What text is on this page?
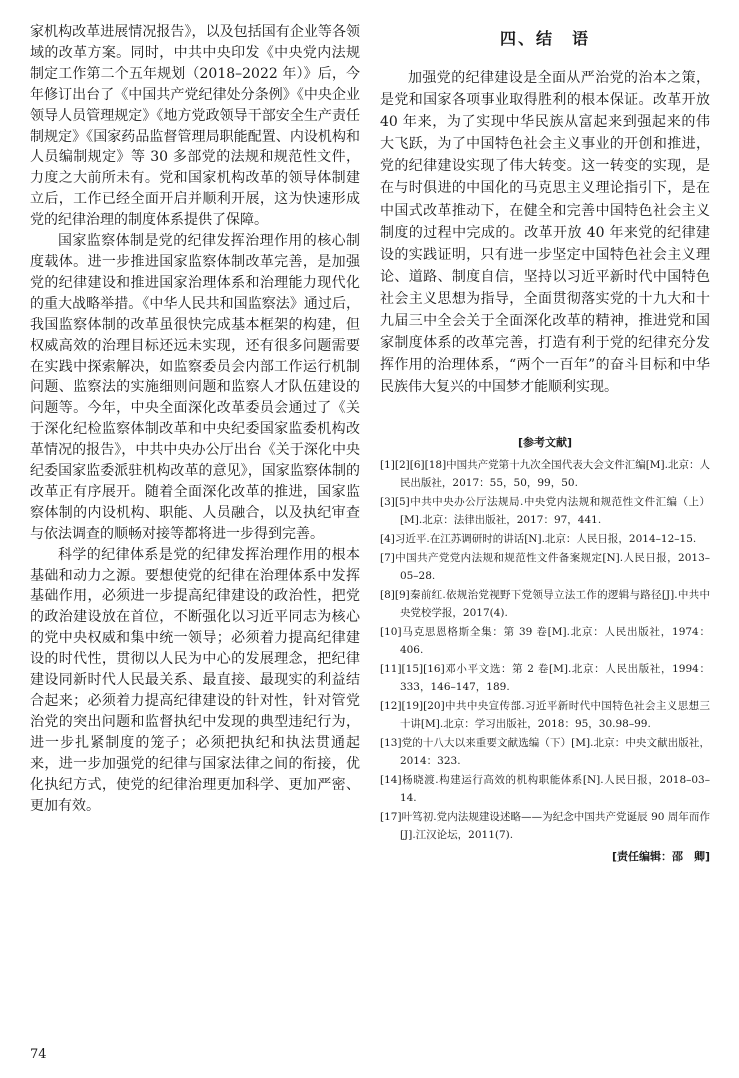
家机构改革进展情况报告》，以及包括国有企业等各领域的改革方案。同时，中共中央印发《中央党内法规制定工作第二个五年规划（2018–2022 年）》后，今年修订出台了《中国共产党纪律处分条例》《中央企业领导人员管理规定》《地方党政领导干部安全生产责任制规定》《国家药品监督管理局职能配置、内设机构和人员编制规定》等 30 多部党的法规和规范性文件，力度之大前所未有。党和国家机构改革的领导体制建立后，工作已经全面开启并顺利开展，这为快速形成党的纪律治理的制度体系提供了保障。

国家监察体制是党的纪律发挥治理作用的核心制度载体。进一步推进国家监察体制改革完善，是加强党的纪律建设和推进国家治理体系和治理能力现代化的重大战略举措。《中华人民共和国监察法》通过后，我国监察体制的改革虽很快完成基本框架的构建，但权威高效的治理目标还远未实现，还有很多问题需要在实践中探索解决，如监察委员会内部工作运行机制问题、监察法的实施细则问题和监察人才队伍建设的问题等。今年，中央全面深化改革委员会通过了《关于深化纪检监察体制改革和中央纪委国家监委机构改革情况的报告》，中共中央办公厅出台《关于深化中央纪委国家监委派驻机构改革的意见》，国家监察体制的改革正有序展开。随着全面深化改革的推进，国家监察体制的内设机构、职能、人员融合，以及执纪审查与依法调查的顺畅对接等都将进一步得到完善。

科学的纪律体系是党的纪律发挥治理作用的根本基础和动力之源。要想使党的纪律在治理体系中发挥基础作用，必须进一步提高纪律建设的政治性，把党的政治建设放在首位，不断强化以习近平同志为核心的党中央权威和集中统一领导；必须着力提高纪律建设的时代性，贯彻以人民为中心的发展理念，把纪律建设同新时代人民最关系、最直接、最现实的利益结合起来；必须着力提高纪律建设的针对性，针对管党治党的突出问题和监督执纪中发现的典型违纪行为，进一步扎紧制度的笼子；必须把执纪和执法贯通起来，进一步加强党的纪律与国家法律之间的衔接，优化执纪方式，使党的纪律治理更加科学、更加严密、更加有效。

四、结　语

加强党的纪律建设是全面从严治党的治本之策，是党和国家各项事业取得胜利的根本保证。改革开放 40 年来，为了实现中华民族从富起来到强起来的伟大飞跃，为了中国特色社会主义事业的开创和推进，党的纪律建设实现了伟大转变。这一转变的实现，是在与时俱进的中国化的马克思主义理论指引下，是在中国式改革推动下，在健全和完善中国特色社会主义制度的过程中完成的。改革开放 40 年来党的纪律建设的实践证明，只有进一步坚定中国特色社会主义理论、道路、制度自信，坚持以习近平新时代中国特色社会主义思想为指导，全面贯彻落实党的十九大和十九届三中全会关于全面深化改革的精神，推进党和国家制度体系的改革完善，打造有利于党的纪律充分发挥作用的治理体系，“两个一百年”的奋斗目标和中华民族伟大复兴的中国梦才能顺利实现。

[参考文献]
[1][2][6][18]中国共产党第十九次全国代表大会文件汇编[M].北京：人民出版社，2017：55，50，99，50.
[3][5]中共中央办公厅法规局.中央党内法规和规范性文件汇编（上）[M].北京：法律出版社，2017：97，441.
[4]习近平.在江苏调研时的讲话[N].北京：人民日报，2014–12–15.
[7]中国共产党党内法规和规范性文件备案规定[N].人民日报，2013–05–28.
[8][9]秦前红.依规治党视野下党领导立法工作的逻辑与路径[J].中共中央党校学报，2017(4).
[10]马克思恩格斯全集：第 39 卷[M].北京：人民出版社，1974：406.
[11][15][16]邓小平文选：第 2 卷[M].北京：人民出版社，1994：333，146–147，189.
[12][19][20]中共中央宣传部.习近平新时代中国特色社会主义思想三十讲[M].北京：学习出版社，2018：95，30.98–99.
[13]党的十八大以来重要文献选编（下）[M].北京：中央文献出版社，2014：323.
[14]杨晓渡.构建运行高效的机构职能体系[N].人民日报，2018–03–14.
[17]叶笃初.党内法规建设述略——为纪念中国共产党诞辰 90 周年而作[J].江汉论坛，2011(7).
[责任编辑：邵　卿]
74
